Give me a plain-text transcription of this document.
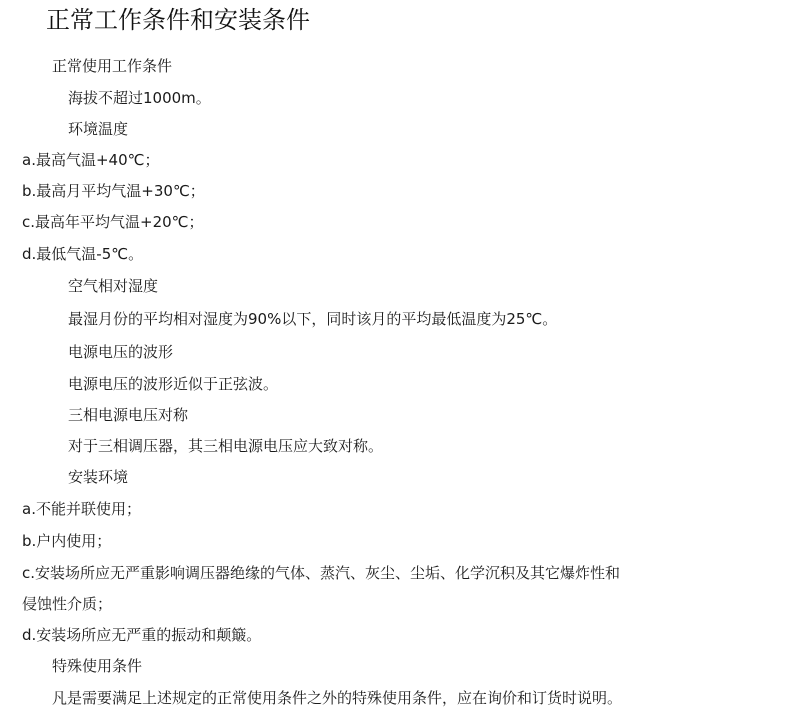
正常工作条件和安装条件
正常使用工作条件
海拔不超过1000m。
环境温度
a.最高气温+40℃；
b.最高月平均气温+30℃；
c.最高年平均气温+20℃；
d.最低气温-5℃。
空气相对湿度
最湿月份的平均相对湿度为90%以下，同时该月的平均最低温度为25℃。
电源电压的波形
电源电压的波形近似于正弦波。
三相电源电压对称
对于三相调压器，其三相电源电压应大致对称。
安装环境
a.不能并联使用；
b.户内使用；
c.安装场所应无严重影响调压器绝缘的气体、蒸汽、灰尘、尘垢、化学沉积及其它爆炸性和
侵蚀性介质；
d.安装场所应无严重的振动和颠簸。
特殊使用条件
凡是需要满足上述规定的正常使用条件之外的特殊使用条件，应在询价和订货时说明。
